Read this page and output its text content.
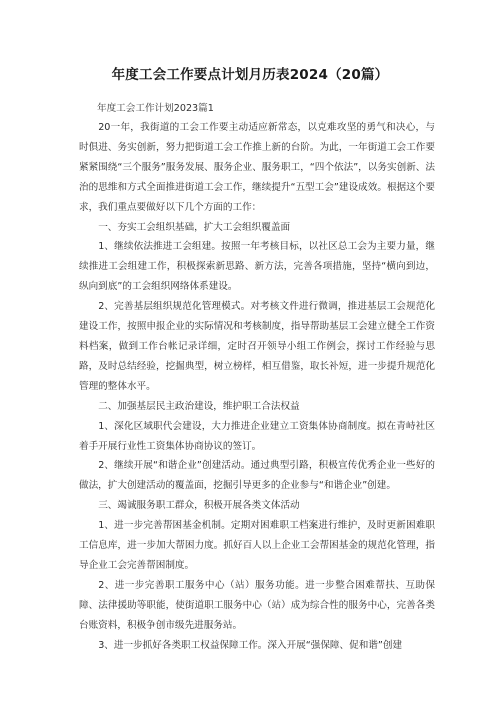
年度工会工作要点计划月历表2024（20篇）
年度工会工作计划2023篇1

20一年，我街道的工会工作要主动适应新常态，以克难攻坚的勇气和决心，与时俱进、务实创新，努力把街道工会工作推上新的台阶。为此，一年街道工会工作要紧紧围绕“三个服务”服务发展、服务企业、服务职工，“四个依法”，以务实创新、法治的思维和方式全面推进街道工会工作，继续提升“五型工会”建设成效。根据这个要求，我们重点要做好以下几个方面的工作：

一、夯实工会组织基础，扩大工会组织覆盖面

1、继续依法推进工会组建。按照一年考核目标，以社区总工会为主要力量，继续推进工会组建工作，积极探索新思路、新方法，完善各项措施，坚持“横向到边，纵向到底”的工会组织网络体系建设。

2、完善基层组织规范化管理模式。对考核文件进行微调，推进基层工会规范化建设工作，按照申报企业的实际情况和考核制度，指导帮助基层工会建立健全工作资料档案，做到工作台帐记录详细，定时召开领导小组工作例会，探讨工作经验与思路，及时总结经验，挖掘典型，树立榜样，相互借鉴，取长补短，进一步提升规范化管理的整体水平。

二、加强基层民主政治建设，维护职工合法权益

1、深化区域职代会建设，大力推进企业建立工资集体协商制度。拟在青峙社区着手开展行业性工资集体协商协议的签订。

2、继续开展“和谐企业”创建活动。通过典型引路，积极宣传优秀企业一些好的做法，扩大创建活动的覆盖面，挖掘引导更多的企业参与“和谐企业”创建。

三、竭诚服务职工群众，积极开展各类文体活动

1、进一步完善帮困基金机制。定期对困难职工档案进行维护，及时更新困难职工信息库，进一步加大帮困力度。抓好百人以上企业工会帮困基金的规范化管理，指导企业工会完善帮困制度。

2、进一步完善职工服务中心（站）服务功能。进一步整合困难帮扶、互助保障、法律援助等职能，使街道职工服务中心（站）成为综合性的服务中心，完善各类台账资料，积极争创市级先进服务站。

3、进一步抓好各类职工权益保障工作。深入开展“强保障、促和谐”创建
